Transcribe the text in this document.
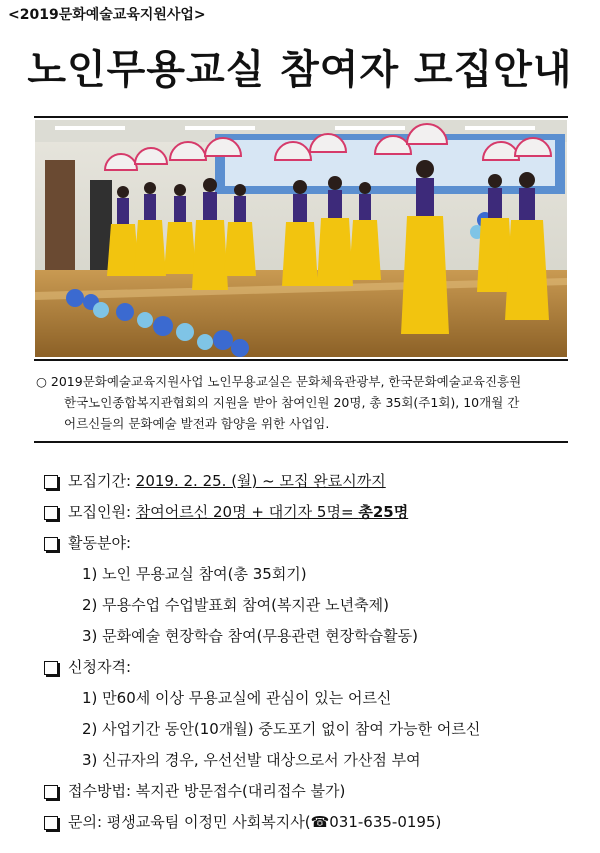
<2019문화예술교육지원사업>
노인무용교실 참여자 모집안내
○ 2019문화예술교육지원사업 노인무용교실은 문화체육관광부, 한국문화예술교육진흥원
한국노인종합복지관협회의 지원을 받아 참여인원 20명, 총 35회(주1회), 10개월 간
어르신들의 문화예술 발전과 함양을 위한 사업임.
모집기간:
2019. 2. 25. (월) ~ 모집 완료시까지
모집인원:
참여어르신 20명 + 대기자 5명= 총25명
활동분야:
1) 노인 무용교실 참여(총 35회기)
2) 무용수업 수업발표회 참여(복지관 노년축제)
3) 문화예술 현장학습 참여(무용관련 현장학습활동)
신청자격:
1) 만60세 이상 무용교실에 관심이 있는 어르신
2) 사업기간 동안(10개월) 중도포기 없이 참여 가능한 어르신
3) 신규자의 경우, 우선선발 대상으로서 가산점 부여
접수방법: 복지관 방문접수(대리접수 불가)
문의: 평생교육팀 이정민 사회복지사( ☎ 031-635-0195)
